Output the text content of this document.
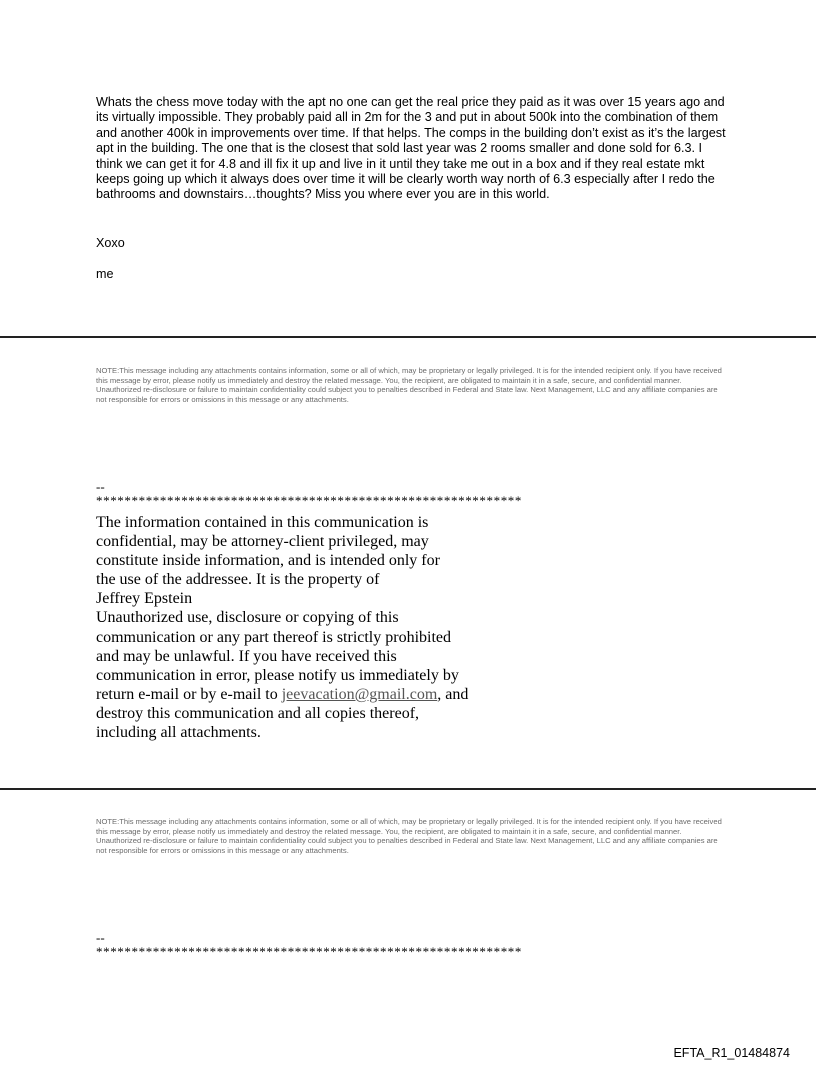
Whats the chess move today with the apt no one can get the real price they paid as it was over 15 years ago and its virtually impossible. They probably paid all in 2m for the 3 and put in about 500k into the combination of them and another 400k in improvements over time. If that helps. The comps in the building don’t exist as it’s the largest apt in the building. The one that is the closest that sold last year was 2 rooms smaller and done sold for 6.3. I think we can get it for 4.8 and ill fix it up and live in it until they take me out in a box and if they real estate mkt keeps going up which it always does over time it will be clearly worth way north of 6.3 especially after I redo the bathrooms and downstairs…thoughts? Miss you where ever you are in this world.
Xoxo
me
NOTE:This message including any attachments contains information, some or all of which, may be proprietary or legally privileged. It is for the intended recipient only. If you have received this message by error, please notify us immediately and destroy the related message. You, the recipient, are obligated to maintain it in a safe, secure, and confidential manner. Unauthorized re-disclosure or failure to maintain confidentiality could subject you to penalties described in Federal and State law. Next Management, LLC and any affiliate companies are not responsible for errors or omissions in this message or any attachments.
--
************************************************************
The information contained in this communication is
confidential, may be attorney-client privileged, may
constitute inside information, and is intended only for
the use of the addressee. It is the property of
Jeffrey Epstein
Unauthorized use, disclosure or copying of this
communication or any part thereof is strictly prohibited
and may be unlawful. If you have received this
communication in error, please notify us immediately by
return e-mail or by e-mail to jeevacation@gmail.com, and
destroy this communication and all copies thereof,
including all attachments.
NOTE:This message including any attachments contains information, some or all of which, may be proprietary or legally privileged. It is for the intended recipient only. If you have received this message by error, please notify us immediately and destroy the related message. You, the recipient, are obligated to maintain it in a safe, secure, and confidential manner. Unauthorized re-disclosure or failure to maintain confidentiality could subject you to penalties described in Federal and State law. Next Management, LLC and any affiliate companies are not responsible for errors or omissions in this message or any attachments.
--
************************************************************
EFTA_R1_01484874
